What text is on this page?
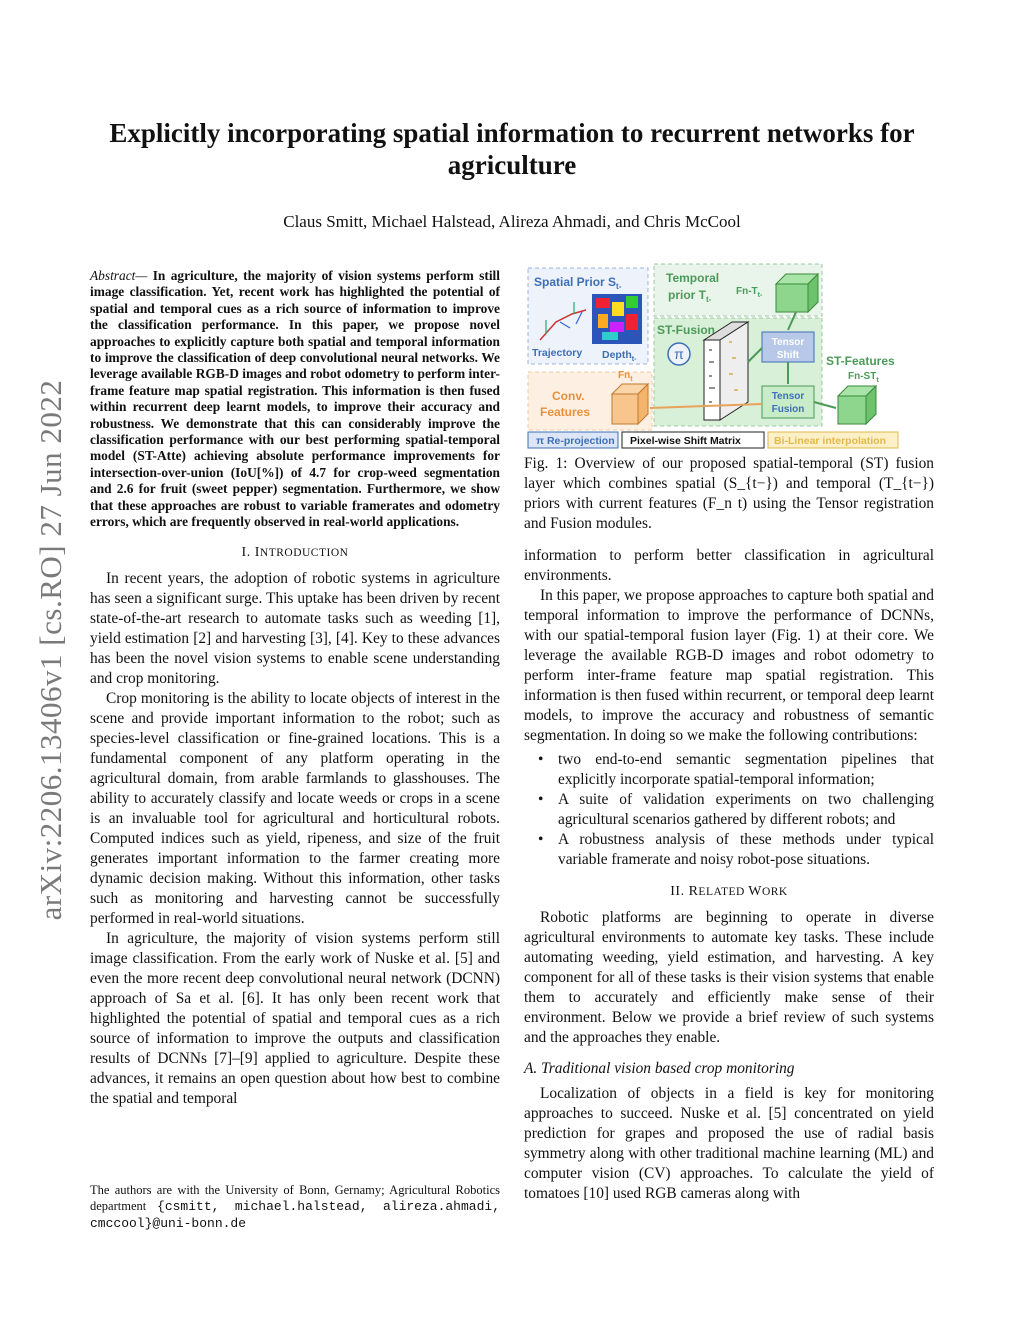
arXiv:2206.13406v1 [cs.RO] 27 Jun 2022
Explicitly incorporating spatial information to recurrent networks for agriculture
Claus Smitt, Michael Halstead, Alireza Ahmadi, and Chris McCool
Abstract— In agriculture, the majority of vision systems perform still image classification. Yet, recent work has highlighted the potential of spatial and temporal cues as a rich source of information to improve the classification performance. In this paper, we propose novel approaches to explicitly capture both spatial and temporal information to improve the classification of deep convolutional neural networks. We leverage available RGB-D images and robot odometry to perform inter-frame feature map spatial registration. This information is then fused within recurrent deep learnt models, to improve their accuracy and robustness. We demonstrate that this can considerably improve the classification performance with our best performing spatial-temporal model (ST-Atte) achieving absolute performance improvements for intersection-over-union (IoU[%]) of 4.7 for crop-weed segmentation and 2.6 for fruit (sweet pepper) segmentation. Furthermore, we show that these approaches are robust to variable framerates and odometry errors, which are frequently observed in real-world applications.
I. INTRODUCTION

In recent years, the adoption of robotic systems in agriculture has seen a significant surge. This uptake has been driven by recent state-of-the-art research to automate tasks such as weeding [1], yield estimation [2] and harvesting [3], [4]. Key to these advances has been the novel vision systems to enable scene understanding and crop monitoring.

Crop monitoring is the ability to locate objects of interest in the scene and provide important information to the robot; such as species-level classification or fine-grained locations. This is a fundamental component of any platform operating in the agricultural domain, from arable farmlands to glasshouses. The ability to accurately classify and locate weeds or crops in a scene is an invaluable tool for agricultural and horticultural robots. Computed indices such as yield, ripeness, and size of the fruit generates important information to the farmer creating more dynamic decision making. Without this information, other tasks such as monitoring and harvesting cannot be successfully performed in real-world situations.

In agriculture, the majority of vision systems perform still image classification. From the early work of Nuske et al. [5] and even the more recent deep convolutional neural network (DCNN) approach of Sa et al. [6]. It has only been recent work that highlighted the potential of spatial and temporal cues as a rich source of information to improve the outputs and classification results of DCNNs [7]–[9] applied to agriculture. Despite these advances, it remains an open question about how best to combine the spatial and temporal

The authors are with the University of Bonn, Gernamy; Agricultural Robotics department {csmitt, michael.halstead, alireza.ahmadi, cmccool}@uni-bonn.de
Spatial Prior $S_{t-}$
Trajectory Depth$_{t-}$
Temporal
prior $T_{t-}$
$Fn-T_{t-}$
ST-Fusion
π
Tensor
Shift
Tensor
Fusion
Conv.
Features
$Fn_t$
ST-Features
$Fn-ST_t$
π Re-projection Pixel-wise Shift Matrix	Bi-Linear interpolation
Fig. 1: Overview of our proposed spatial-temporal (ST) fusion layer which combines spatial (S_{t−}) and temporal (T_{t−}) priors with current features (F_n t) using the Tensor registration and Fusion modules.

information to perform better classification in agricultural environments.

In this paper, we propose approaches to capture both spatial and temporal information to improve the performance of DCNNs, with our spatial-temporal fusion layer (Fig. 1) at their core. We leverage the available RGB-D images and robot odometry to perform inter-frame feature map spatial registration. This information is then fused within recurrent, or temporal deep learnt models, to improve the accuracy and robustness of semantic segmentation. In doing so we make the following contributions:

• two end-to-end semantic segmentation pipelines that explicitly incorporate spatial-temporal information;
• A suite of validation experiments on two challenging agricultural scenarios gathered by different robots; and
• A robustness analysis of these methods under typical variable framerate and noisy robot-pose situations.
II. RELATED WORK

Robotic platforms are beginning to operate in diverse agricultural environments to automate key tasks. These include automating weeding, yield estimation, and harvesting. A key component for all of these tasks is their vision systems that enable them to accurately and efficiently make sense of their environment. Below we provide a brief review of such systems and the approaches they enable.

A. Traditional vision based crop monitoring

Localization of objects in a field is key for monitoring approaches to succeed. Nuske et al. [5] concentrated on yield prediction for grapes and proposed the use of radial basis symmetry along with other traditional machine learning (ML) and computer vision (CV) approaches. To calculate the yield of tomatoes [10] used RGB cameras along with
